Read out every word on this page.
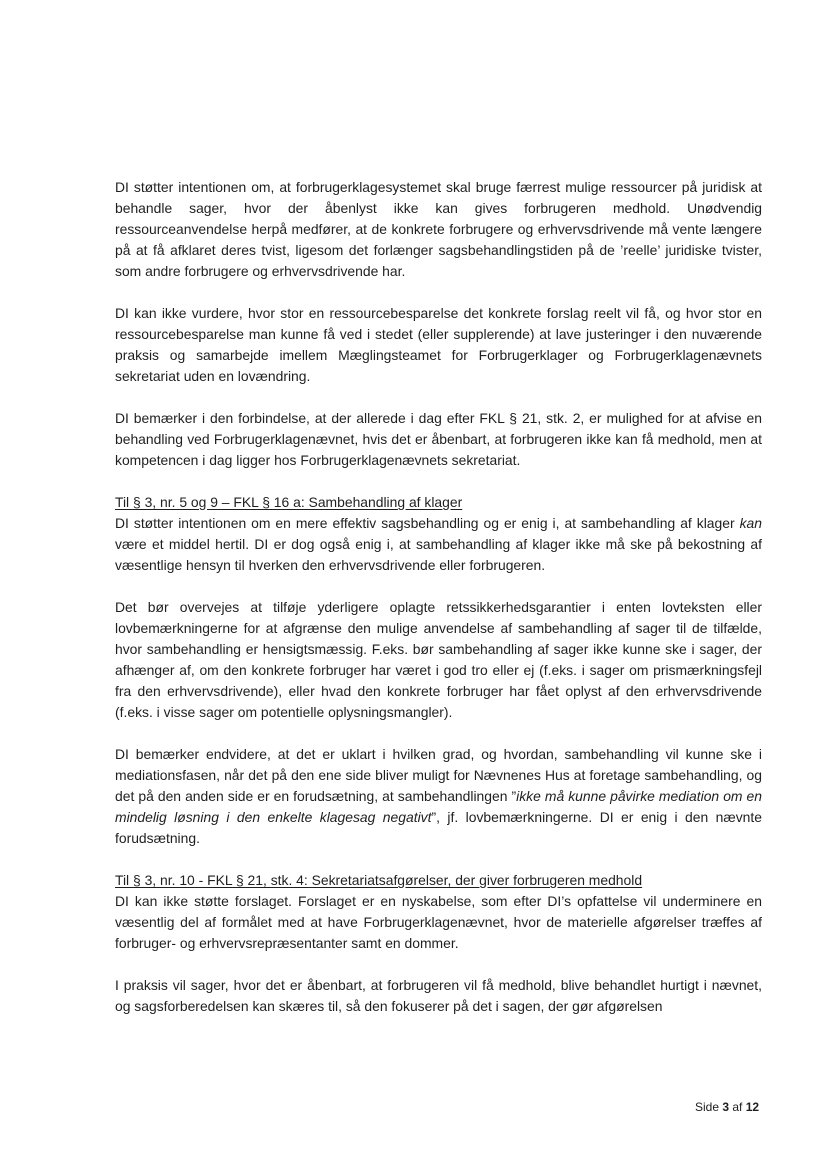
DI støtter intentionen om, at forbrugerklagesystemet skal bruge færrest mulige ressourcer på juridisk at behandle sager, hvor der åbenlyst ikke kan gives forbrugeren medhold. Unødvendig ressourceanvendelse herpå medfører, at de konkrete forbrugere og erhvervsdrivende må vente længere på at få afklaret deres tvist, ligesom det forlænger sagsbehandlingstiden på de ’reelle’ juridiske tvister, som andre forbrugere og erhvervsdrivende har.

DI kan ikke vurdere, hvor stor en ressourcebesparelse det konkrete forslag reelt vil få, og hvor stor en ressourcebesparelse man kunne få ved i stedet (eller supplerende) at lave justeringer i den nuværende praksis og samarbejde imellem Mæglingsteamet for Forbrugerklager og Forbrugerklagenævnets sekretariat uden en lovændring.

DI bemærker i den forbindelse, at der allerede i dag efter FKL § 21, stk. 2, er mulighed for at afvise en behandling ved Forbrugerklagenævnet, hvis det er åbenbart, at forbrugeren ikke kan få medhold, men at kompetencen i dag ligger hos Forbrugerklagenævnets sekretariat.

Til § 3, nr. 5 og 9 – FKL § 16 a: Sambehandling af klager

DI støtter intentionen om en mere effektiv sagsbehandling og er enig i, at sambehandling af klager kan være et middel hertil. DI er dog også enig i, at sambehandling af klager ikke må ske på bekostning af væsentlige hensyn til hverken den erhvervsdrivende eller forbrugeren.

Det bør overvejes at tilføje yderligere oplagte retssikkerhedsgarantier i enten lovteksten eller lovbemærkningerne for at afgrænse den mulige anvendelse af sambehandling af sager til de tilfælde, hvor sambehandling er hensigtsmæssig. F.eks. bør sambehandling af sager ikke kunne ske i sager, der afhænger af, om den konkrete forbruger har været i god tro eller ej (f.eks. i sager om prismærkningsfejl fra den erhvervsdrivende), eller hvad den konkrete forbruger har fået oplyst af den erhvervsdrivende (f.eks. i visse sager om potentielle oplysningsmangler).

DI bemærker endvidere, at det er uklart i hvilken grad, og hvordan, sambehandling vil kunne ske i mediationsfasen, når det på den ene side bliver muligt for Nævnenes Hus at foretage sambehandling, og det på den anden side er en forudsætning, at sambehandlingen ”ikke må kunne påvirke mediation om en mindelig løsning i den enkelte klagesag negativt”, jf. lovbemærkningerne. DI er enig i den nævnte forudsætning.

Til § 3, nr. 10 - FKL § 21, stk. 4: Sekretariatsafgørelser, der giver forbrugeren medhold

DI kan ikke støtte forslaget. Forslaget er en nyskabelse, som efter DI’s opfattelse vil underminere en væsentlig del af formålet med at have Forbrugerklagenævnet, hvor de materielle afgørelser træffes af forbruger- og erhvervsrepræsentanter samt en dommer.

I praksis vil sager, hvor det er åbenbart, at forbrugeren vil få medhold, blive behandlet hurtigt i nævnet, og sagsforberedelsen kan skæres til, så den fokuserer på det i sagen, der gør afgørelsen

Side 3 af 12
